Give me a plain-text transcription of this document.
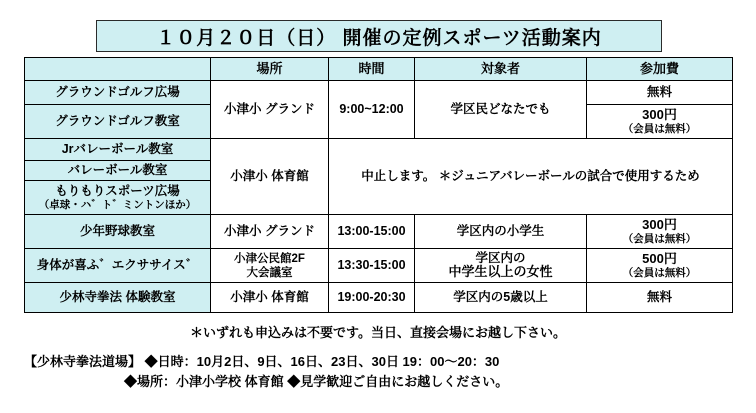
１０月２０日（日） 開催の定例スポーツ活動案内
	場所	時間	対象者	参加費
グラウンドゴルフ広場	小津小 グランド	9:00~12:00	学区民どなたでも	無料
グラウンドゴルフ教室				300円
（会員は無料）

Jrバレーボール教室	小津小 体育館	中止します。 ＊ジュニアバレーボールの試合で使用するため		
バレーボール教室				
もりもりスポーツ広場
（卓球・ハ゛ト゛ミントンほか）				

少年野球教室	小津小 グランド	13:00-15:00	学区内の小学生	300円
（会員は無料）

身体が喜ふ゛エクササイス゛	小津公民館2F
大会議室	13:30-15:00	学区内の
中学生以上の女性	500円
（会員は無料）

少林寺拳法 体験教室	小津小 体育館	19:00-20:30	学区内の5歳以上	無料
＊いずれも申込みは不要です。当日、直接会場にお越し下さい。
【少林寺拳法道場】 ◆日時：10月2日、9日、16日、23日、30日 19：00～20：30
◆場所：小津小学校 体育館 ◆見学歓迎ご自由にお越しください。
